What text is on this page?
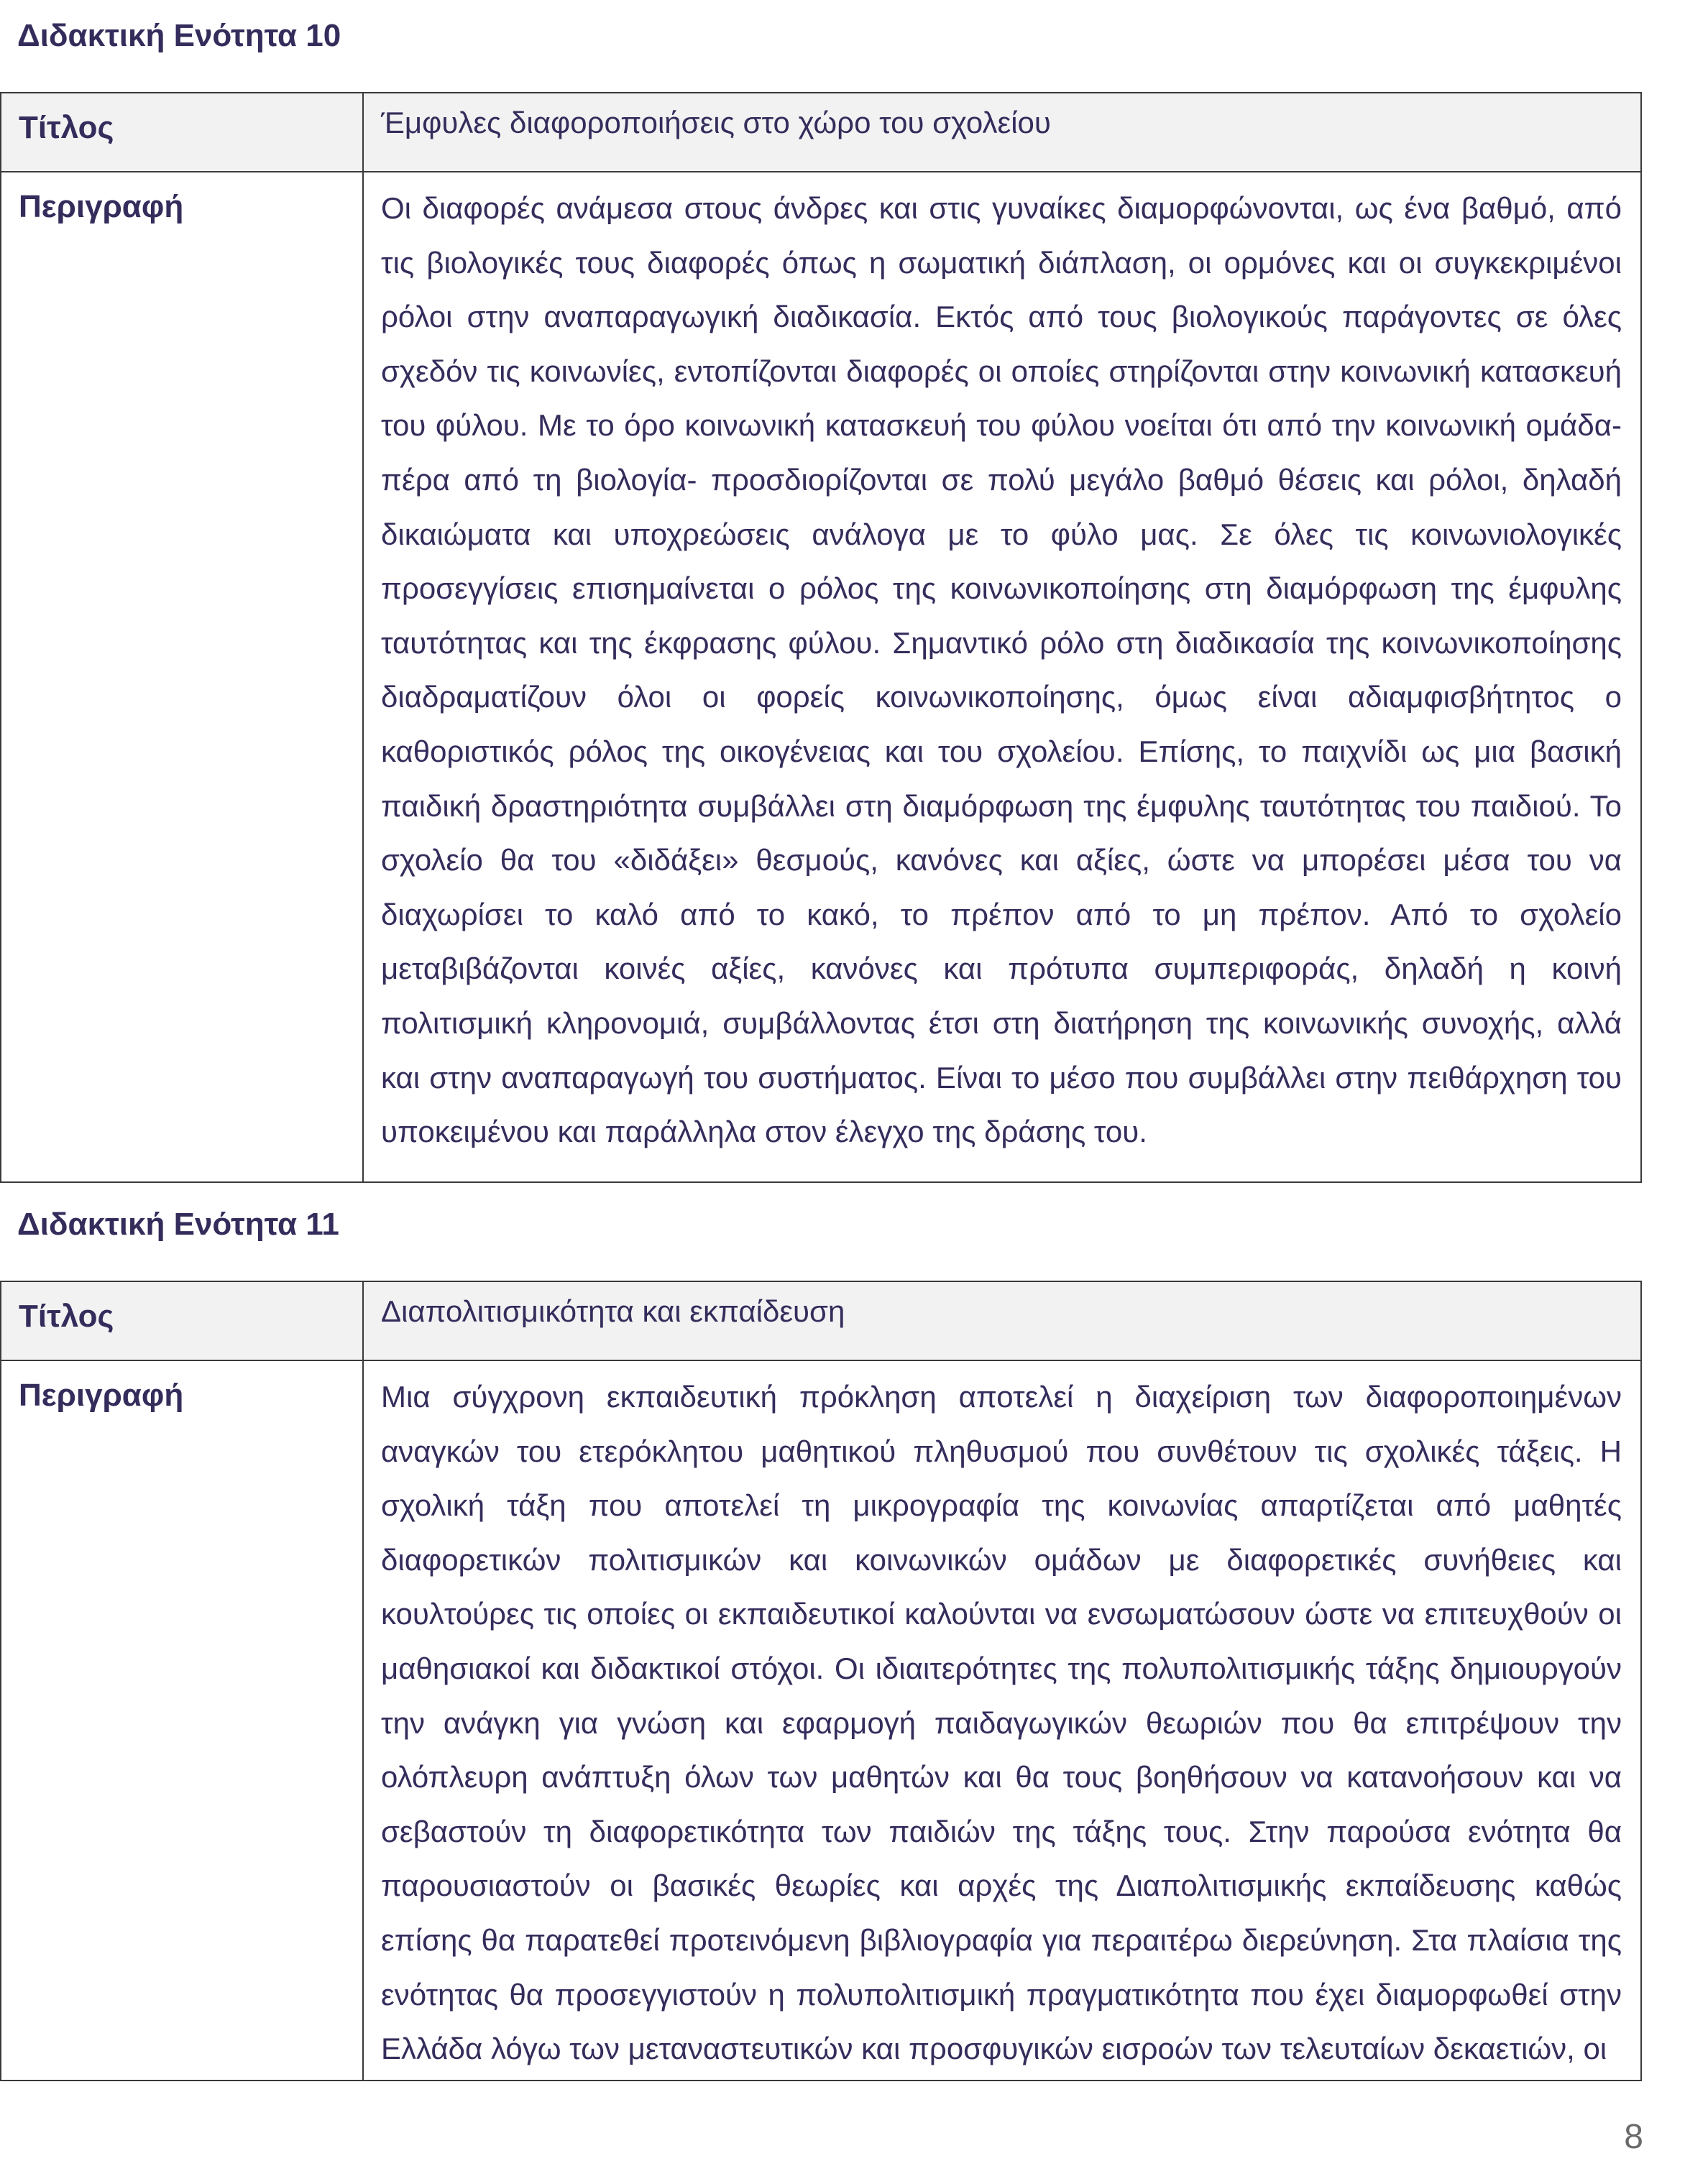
Διδακτική Ενότητα 10
Τίτλος	Έμφυλες διαφοροποιήσεις στο χώρο του σχολείου
Περιγραφή	Οι διαφορές ανάμεσα στους άνδρες και στις γυναίκες διαμορφώνονται, ως ένα βαθμό, από τις βιολογικές τους διαφορές όπως η σωματική διάπλαση, οι ορμόνες και οι συγκεκριμένοι ρόλοι στην αναπαραγωγική διαδικασία. Εκτός από τους βιολογικούς παράγοντες σε όλες σχεδόν τις κοινωνίες, εντοπίζονται διαφορές οι οποίες στηρίζονται στην κοινωνική κατασκευή του φύλου. Με το όρο κοινωνική κατασκευή του φύλου νοείται ότι από την κοινωνική ομάδα- πέρα από τη βιολογία- προσδιορίζονται σε πολύ μεγάλο βαθμό θέσεις και ρόλοι, δηλαδή δικαιώματα και υποχρεώσεις ανάλογα με το φύλο μας. Σε όλες τις κοινωνιολογικές προσεγγίσεις επισημαίνεται ο ρόλος της κοινωνικοποίησης στη διαμόρφωση της έμφυλης ταυτότητας και της έκφρασης φύλου. Σημαντικό ρόλο στη διαδικασία της κοινωνικοποίησης διαδραματίζουν όλοι οι φορείς κοινωνικοποίησης, όμως είναι αδιαμφισβήτητος ο καθοριστικός ρόλος της οικογένειας και του σχολείου. Επίσης, το παιχνίδι ως μια βασική παιδική δραστηριότητα συμβάλλει στη διαμόρφωση της έμφυλης ταυτότητας του παιδιού. Το σχολείο θα του «διδάξει» θεσμούς, κανόνες και αξίες, ώστε να μπορέσει μέσα του να διαχωρίσει το καλό από το κακό, το πρέπον από το μη πρέπον. Από το σχολείο μεταβιβάζονται κοινές αξίες, κανόνες και πρότυπα συμπεριφοράς, δηλαδή η κοινή πολιτισμική κληρονομιά, συμβάλλοντας έτσι στη διατήρηση της κοινωνικής συνοχής, αλλά και στην αναπαραγωγή του συστήματος. Είναι το μέσο που συμβάλλει στην πειθάρχηση του υποκειμένου και παράλληλα στον έλεγχο της δράσης του.

Διδακτική Ενότητα 11
Τίτλος	Διαπολιτισμικότητα και εκπαίδευση
Περιγραφή	Μια σύγχρονη εκπαιδευτική πρόκληση αποτελεί η διαχείριση των διαφοροποιημένων αναγκών του ετερόκλητου μαθητικού πληθυσμού που συνθέτουν τις σχολικές τάξεις. Η σχολική τάξη που αποτελεί τη μικρογραφία της κοινωνίας απαρτίζεται από μαθητές διαφορετικών πολιτισμικών και κοινωνικών ομάδων με διαφορετικές συνήθειες και κουλτούρες τις οποίες οι εκπαιδευτικοί καλούνται να ενσωματώσουν ώστε να επιτευχθούν οι μαθησιακοί και διδακτικοί στόχοι. Οι ιδιαιτερότητες της πολυπολιτισμικής τάξης δημιουργούν την ανάγκη για γνώση και εφαρμογή παιδαγωγικών θεωριών που θα επιτρέψουν την ολόπλευρη ανάπτυξη όλων των μαθητών και θα τους βοηθήσουν να κατανοήσουν και να σεβαστούν τη διαφορετικότητα των παιδιών της τάξης τους. Στην παρούσα ενότητα θα παρουσιαστούν οι βασικές θεωρίες και αρχές της Διαπολιτισμικής εκπαίδευσης καθώς επίσης θα παρατεθεί προτεινόμενη βιβλιογραφία για περαιτέρω διερεύνηση. Στα πλαίσια της ενότητας θα προσεγγιστούν η πολυπολιτισμική πραγματικότητα που έχει διαμορφωθεί στην Ελλάδα λόγω των μεταναστευτικών και προσφυγικών εισροών των τελευταίων δεκαετιών, οι

8
